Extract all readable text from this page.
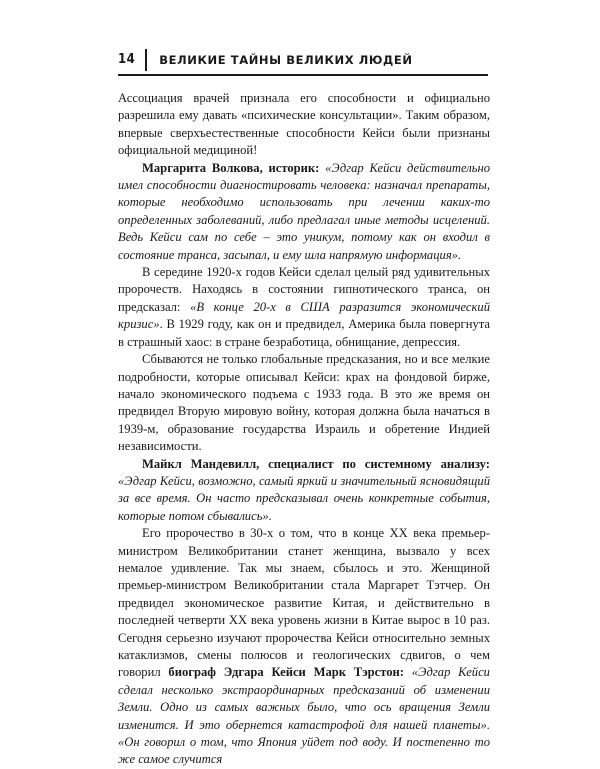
14	ВЕЛИКИЕ ТАЙНЫ ВЕЛИКИХ ЛЮДЕЙ

Ассоциация врачей признала его способности и официально разрешила ему давать «психические консультации». Таким образом, впервые сверхъестественные способности Кейси были признаны официальной медициной!

Маргарита Волкова, историк: «Эдгар Кейси действительно имел способности диагностировать человека: назначал препараты, которые необходимо использовать при лечении каких-то определенных заболеваний, либо предлагал иные методы исцелений. Ведь Кейси сам по себе – это уникум, потому как он входил в состояние транса, засыпал, и ему шла напрямую информация».

В середине 1920-х годов Кейси сделал целый ряд удивительных пророчеств. Находясь в состоянии гипнотического транса, он предсказал: «В конце 20-х в США разразится экономический кризис». В 1929 году, как он и предвидел, Америка была повергнута в страшный хаос: в стране безработица, обнищание, депрессия.

Сбываются не только глобальные предсказания, но и все мелкие подробности, которые описывал Кейси: крах на фондовой бирже, начало экономического подъема с 1933 года. В это же время он предвидел Вторую мировую войну, которая должна была начаться в 1939-м, образование государства Израиль и обретение Индией независимости.

Майкл Мандевилл, специалист по системному анализу: «Эдгар Кейси, возможно, самый яркий и значительный ясновидящий за все время. Он часто предсказывал очень конкретные события, которые потом сбывались».

Его пророчество в 30-х о том, что в конце XX века премьер-министром Великобритании станет женщина, вызвало у всех немалое удивление. Так мы знаем, сбылось и это. Женщиной премьер-министром Великобритании стала Маргарет Тэтчер. Он предвидел экономическое развитие Китая, и действительно в последней четверти XX века уровень жизни в Китае вырос в 10 раз. Сегодня серьезно изучают пророчества Кейси относительно земных катаклизмов, смены полюсов и геологических сдвигов, о чем говорил биограф Эдгара Кейси Марк Тэрстон: «Эдгар Кейси сделал несколько экстраординарных предсказаний об изменении Земли. Одно из самых важных было, что ось вращения Земли изменится. И это обернется катастрофой для нашей планеты». «Он говорил о том, что Япония уйдет под воду. И постепенно то же самое случится
